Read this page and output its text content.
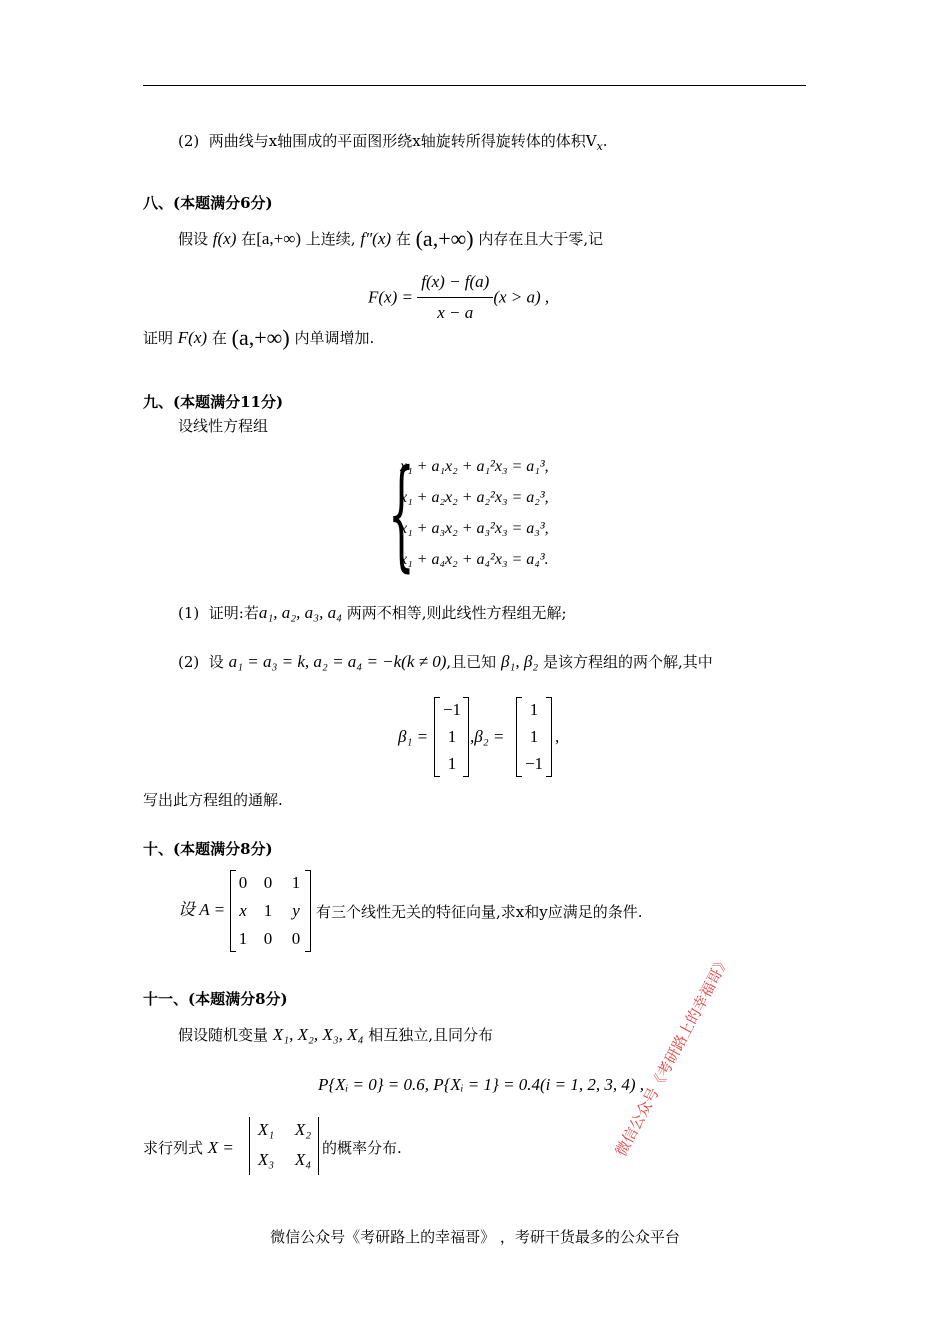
(2) 两曲线与x轴围成的平面图形绕x轴旋转所得旋转体的体积$V_x$.
八、(本题满分6分)
假设 f(x) 在[a,+∞) 上连续, f″(x) 在 (a,+∞) 内存在且大于零,记
$F(x) = \frac{f(x) - f(a)}{x - a} (x > a)$ ,
证明 F(x) 在 (a,+∞) 内单调增加.
九、(本题满分11分)
设线性方程组
{
x₁ + a₁x₂ + a₁²x₃ = a₁³,
x₁ + a₂x₂ + a₂²x₃ = a₂³,
x₁ + a₃x₂ + a₃²x₃ = a₃³,
x₁ + a₄x₂ + a₄²x₃ = a₄³.
(1) 证明:若a₁, a₂, a₃, a₄ 两两不相等,则此线性方程组无解;
(2) 设 a₁ = a₃ = k, a₂ = a₄ = −k(k ≠ 0),且已知 β₁, β₂ 是该方程组的两个解,其中
β₁ =
−1
1
1
,β₂ =
1
1
−1
,
写出此方程组的通解.
十、(本题满分8分)
设 A =
0 0	1
x 1	y
1 0	0
有三个线性无关的特征向量,求x和y应满足的条件.
十一、(本题满分8分)
假设随机变量 X₁, X₂, X₃, X₄ 相互独立,且同分布
P{Xᵢ = 0} = 0.6, P{Xᵢ = 1} = 0.4(i = 1, 2, 3, 4) ,
求行列式 X =
X₁	X₂
X₃	X₄
的概率分布.	微信公众号《考研路上的幸福哥》
微信公众号《考研路上的幸福哥》 ，考研干货最多的公众平台
